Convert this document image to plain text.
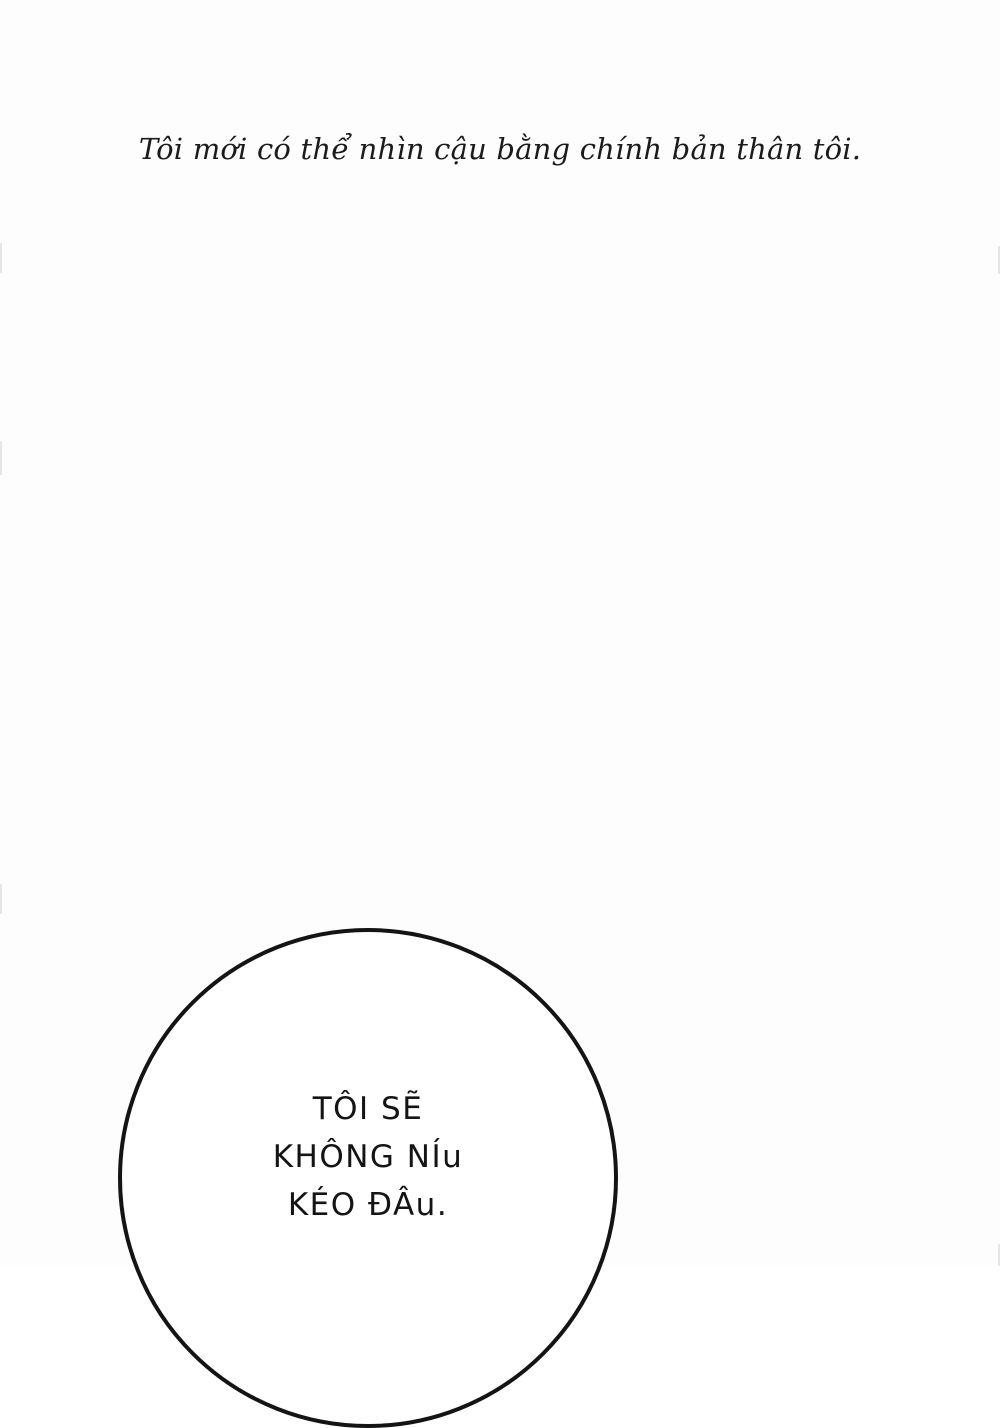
Tôi mới có thể nhìn cậu bằng chính bản thân tôi.
TÔI SẼ
KHÔNG NÍu
KÉO ĐÂu.
